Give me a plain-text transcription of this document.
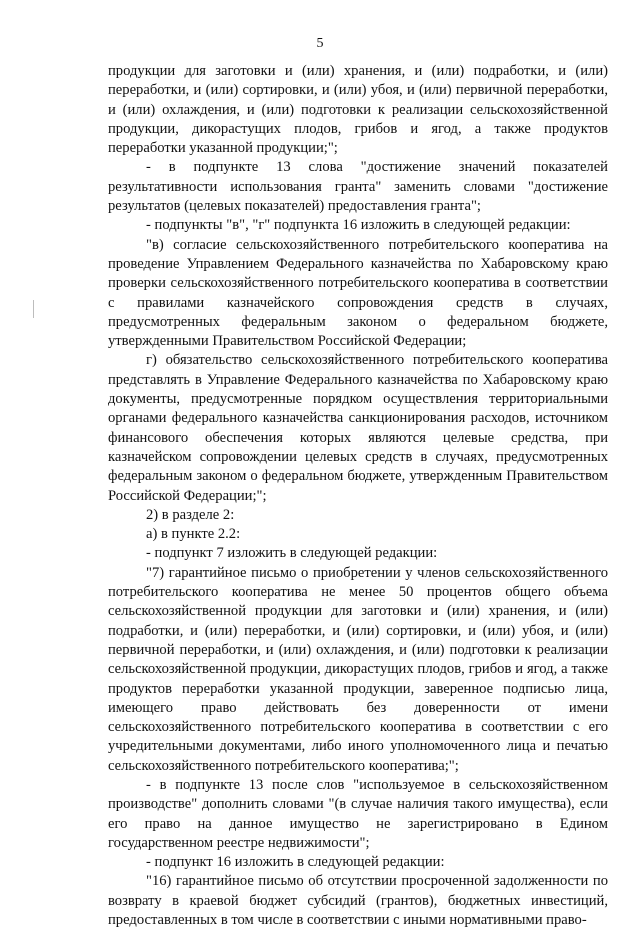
5

продукции для заготовки и (или) хранения, и (или) подработки, и (или) переработки, и (или) сортировки, и (или) убоя, и (или) первичной переработки, и (или) охлаждения, и (или) подготовки к реализации сельскохозяйственной продукции, дикорастущих плодов, грибов и ягод, а также продуктов переработки указанной продукции;";

- в подпункте 13 слова "достижение значений показателей результативности использования гранта" заменить словами "достижение результатов (целевых показателей) предоставления гранта";

- подпункты "в", "г" подпункта 16 изложить в следующей редакции:

"в) согласие сельскохозяйственного потребительского кооператива на проведение Управлением Федерального казначейства по Хабаровскому краю проверки сельскохозяйственного потребительского кооператива в соответствии с правилами казначейского сопровождения средств в случаях, предусмотренных федеральным законом о федеральном бюджете, утвержденными Правительством Российской Федерации;

г) обязательство сельскохозяйственного потребительского кооператива представлять в Управление Федерального казначейства по Хабаровскому краю документы, предусмотренные порядком осуществления территориальными органами федерального казначейства санкционирования расходов, источником финансового обеспечения которых являются целевые средства, при казначейском сопровождении целевых средств в случаях, предусмотренных федеральным законом о федеральном бюджете, утвержденным Правительством Российской Федерации;";

2) в разделе 2:

а) в пункте 2.2:

- подпункт 7 изложить в следующей редакции:

"7) гарантийное письмо о приобретении у членов сельскохозяйственного потребительского кооператива не менее 50 процентов общего объема сельскохозяйственной продукции для заготовки и (или) хранения, и (или) подработки, и (или) переработки, и (или) сортировки, и (или) убоя, и (или) первичной переработки, и (или) охлаждения, и (или) подготовки к реализации сельскохозяйственной продукции, дикорастущих плодов, грибов и ягод, а также продуктов переработки указанной продукции, заверенное подписью лица, имеющего право действовать без доверенности от имени сельскохозяйственного потребительского кооператива в соответствии с его учредительными документами, либо иного уполномоченного лица и печатью сельскохозяйственного потребительского кооператива;";

- в подпункте 13 после слов "используемое в сельскохозяйственном производстве" дополнить словами "(в случае наличия такого имущества), если его право на данное имущество не зарегистрировано в Едином государственном реестре недвижимости";

- подпункт 16 изложить в следующей редакции:

"16) гарантийное письмо об отсутствии просроченной задолженности по возврату в краевой бюджет субсидий (грантов), бюджетных инвестиций, предоставленных в том числе в соответствии с иными нормативными право-
